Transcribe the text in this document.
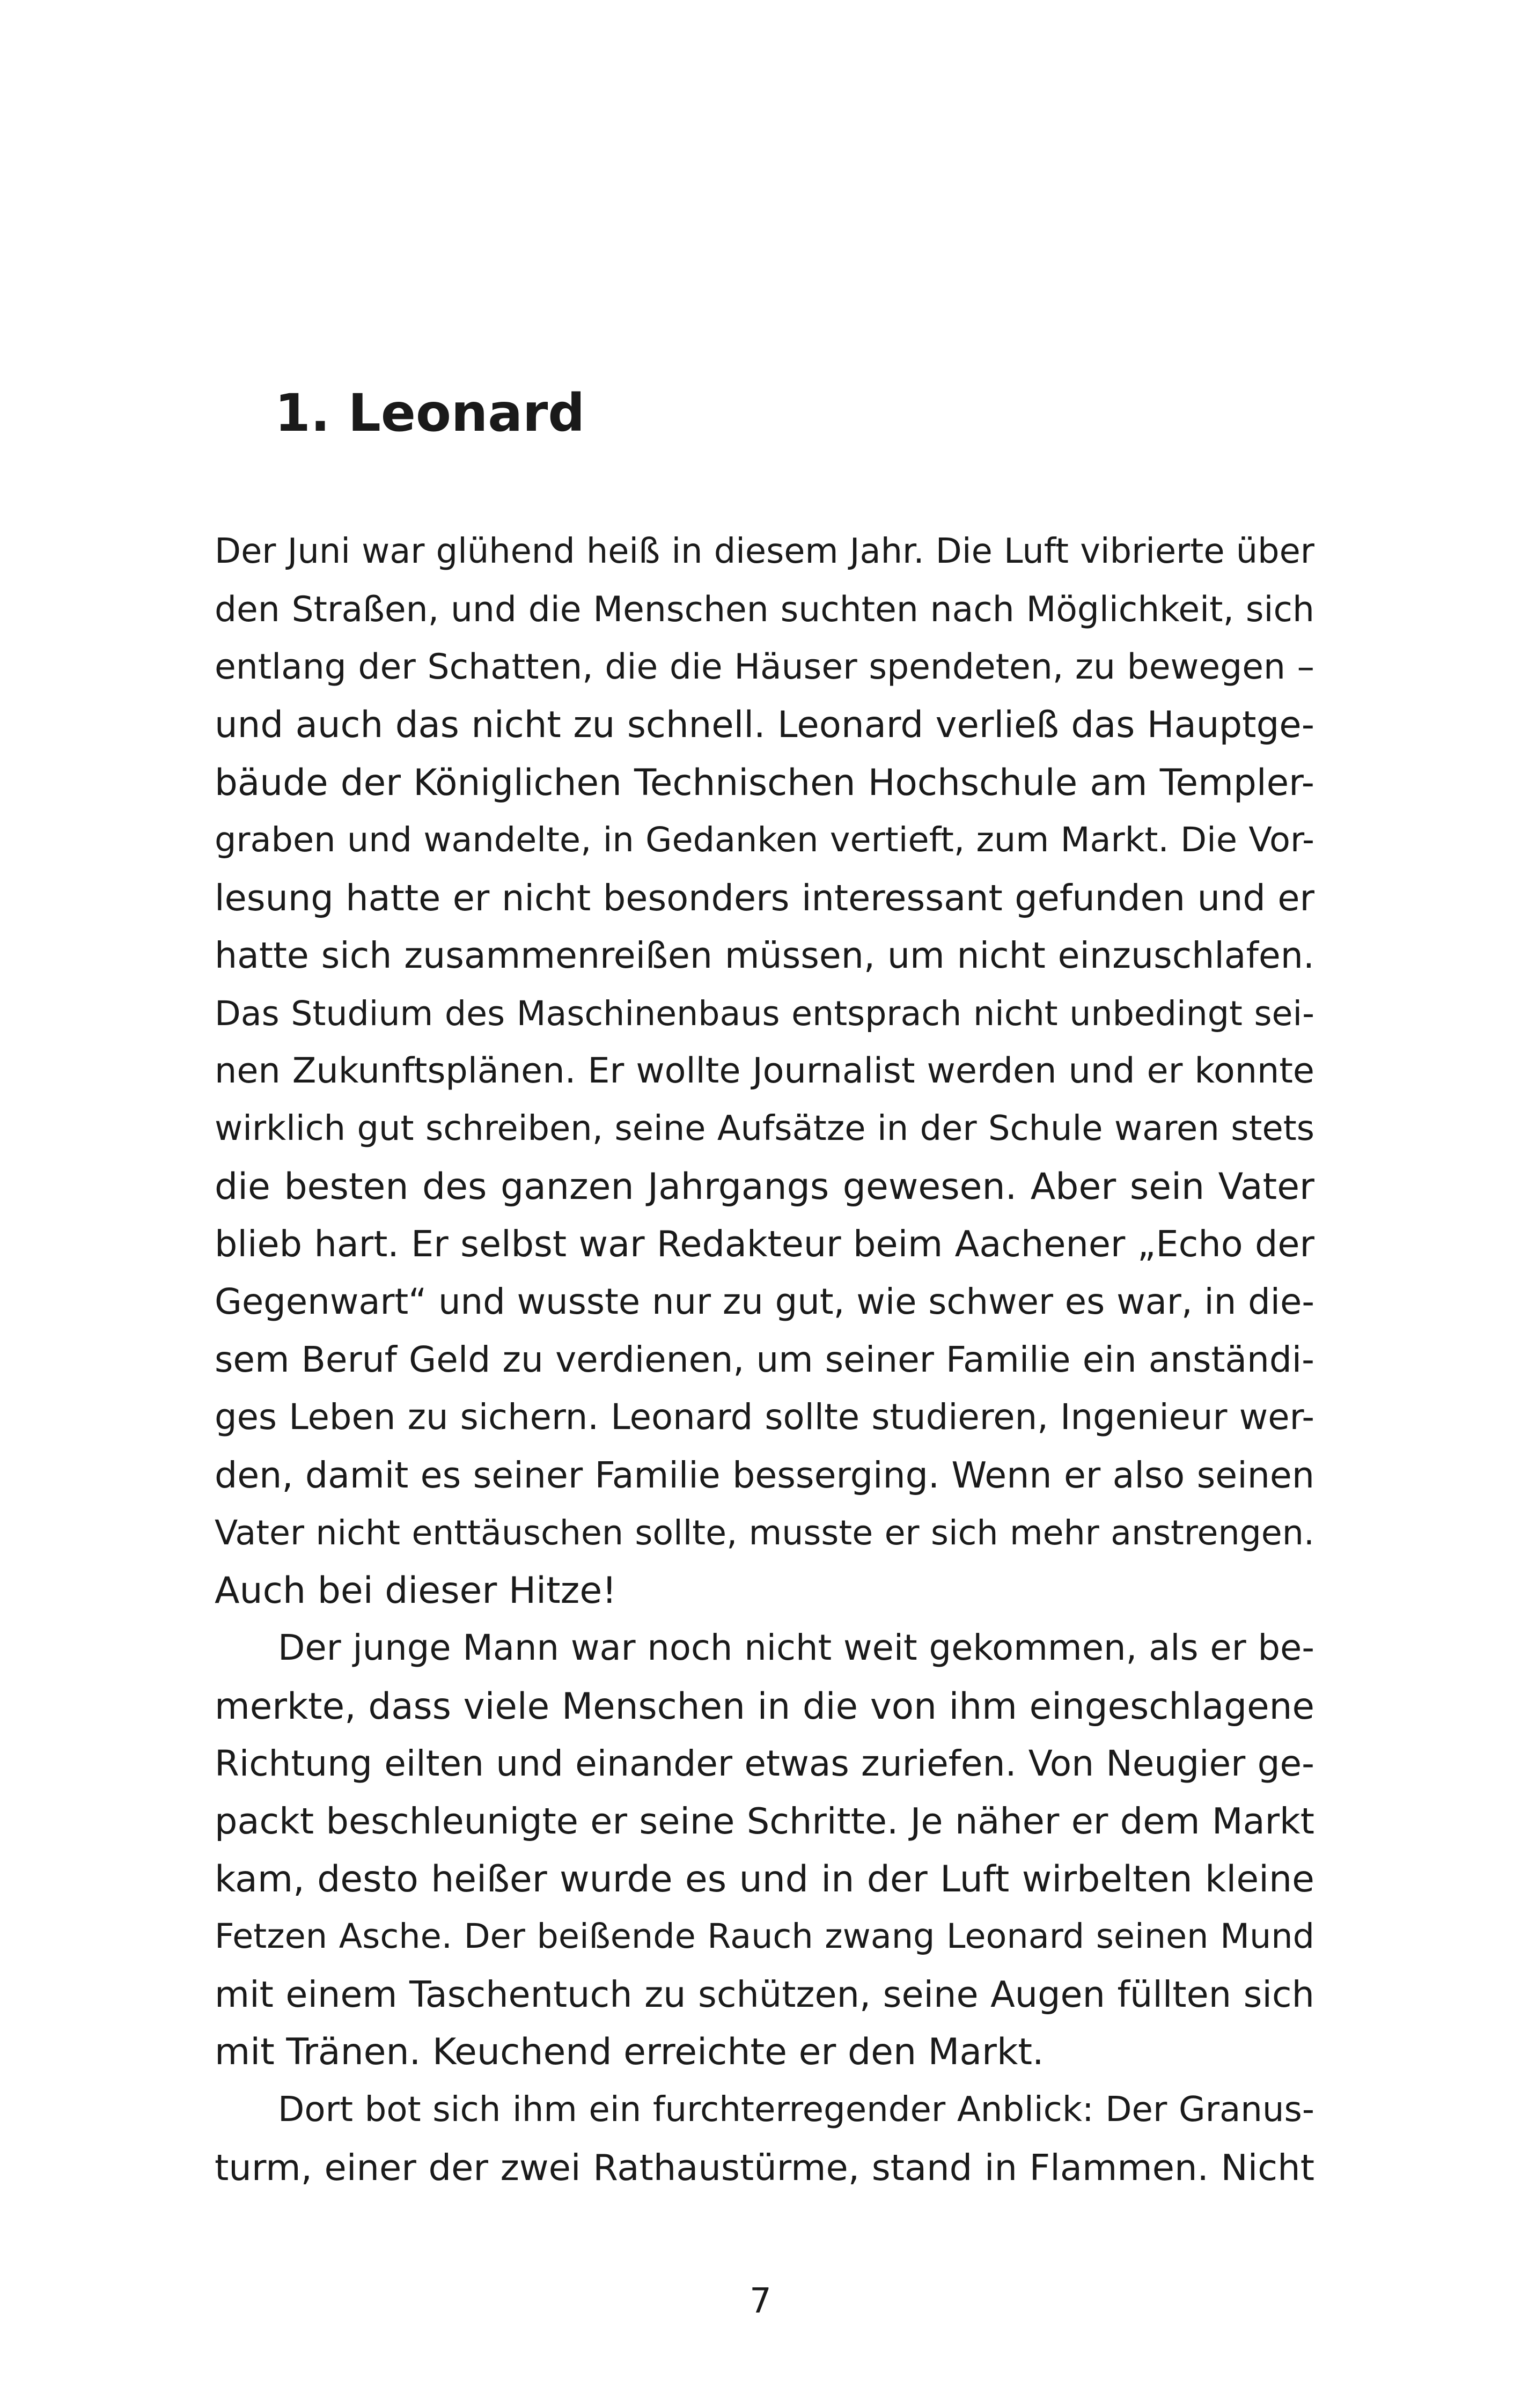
1. Leonard
Der Juni war glühend heiß in diesem Jahr. Die Luft vibrierte über
den Straßen, und die Menschen suchten nach Möglichkeit, sich
entlang der Schatten, die die Häuser spendeten, zu bewegen –
und auch das nicht zu schnell. Leonard verließ das Hauptge-
bäude der Königlichen Technischen Hochschule am Templer-
graben und wandelte, in Gedanken vertieft, zum Markt. Die Vor-
lesung hatte er nicht besonders interessant gefunden und er
hatte sich zusammenreißen müssen, um nicht einzuschlafen.
Das Studium des Maschinenbaus entsprach nicht unbedingt sei-
nen Zukunftsplänen. Er wollte Journalist werden und er konnte
wirklich gut schreiben, seine Aufsätze in der Schule waren stets
die besten des ganzen Jahrgangs gewesen. Aber sein Vater
blieb hart. Er selbst war Redakteur beim Aachener „Echo der
Gegenwart“ und wusste nur zu gut, wie schwer es war, in die-
sem Beruf Geld zu verdienen, um seiner Familie ein anständi-
ges Leben zu sichern. Leonard sollte studieren, Ingenieur wer-
den, damit es seiner Familie besserging. Wenn er also seinen
Vater nicht enttäuschen sollte, musste er sich mehr anstrengen.
Auch bei dieser Hitze!
Der junge Mann war noch nicht weit gekommen, als er be-
merkte, dass viele Menschen in die von ihm eingeschlagene
Richtung eilten und einander etwas zuriefen. Von Neugier ge-
packt beschleunigte er seine Schritte. Je näher er dem Markt
kam, desto heißer wurde es und in der Luft wirbelten kleine
Fetzen Asche. Der beißende Rauch zwang Leonard seinen Mund
mit einem Taschentuch zu schützen, seine Augen füllten sich
mit Tränen. Keuchend erreichte er den Markt.
Dort bot sich ihm ein furchterregender Anblick: Der Granus-
turm, einer der zwei Rathaustürme, stand in Flammen. Nicht
7
